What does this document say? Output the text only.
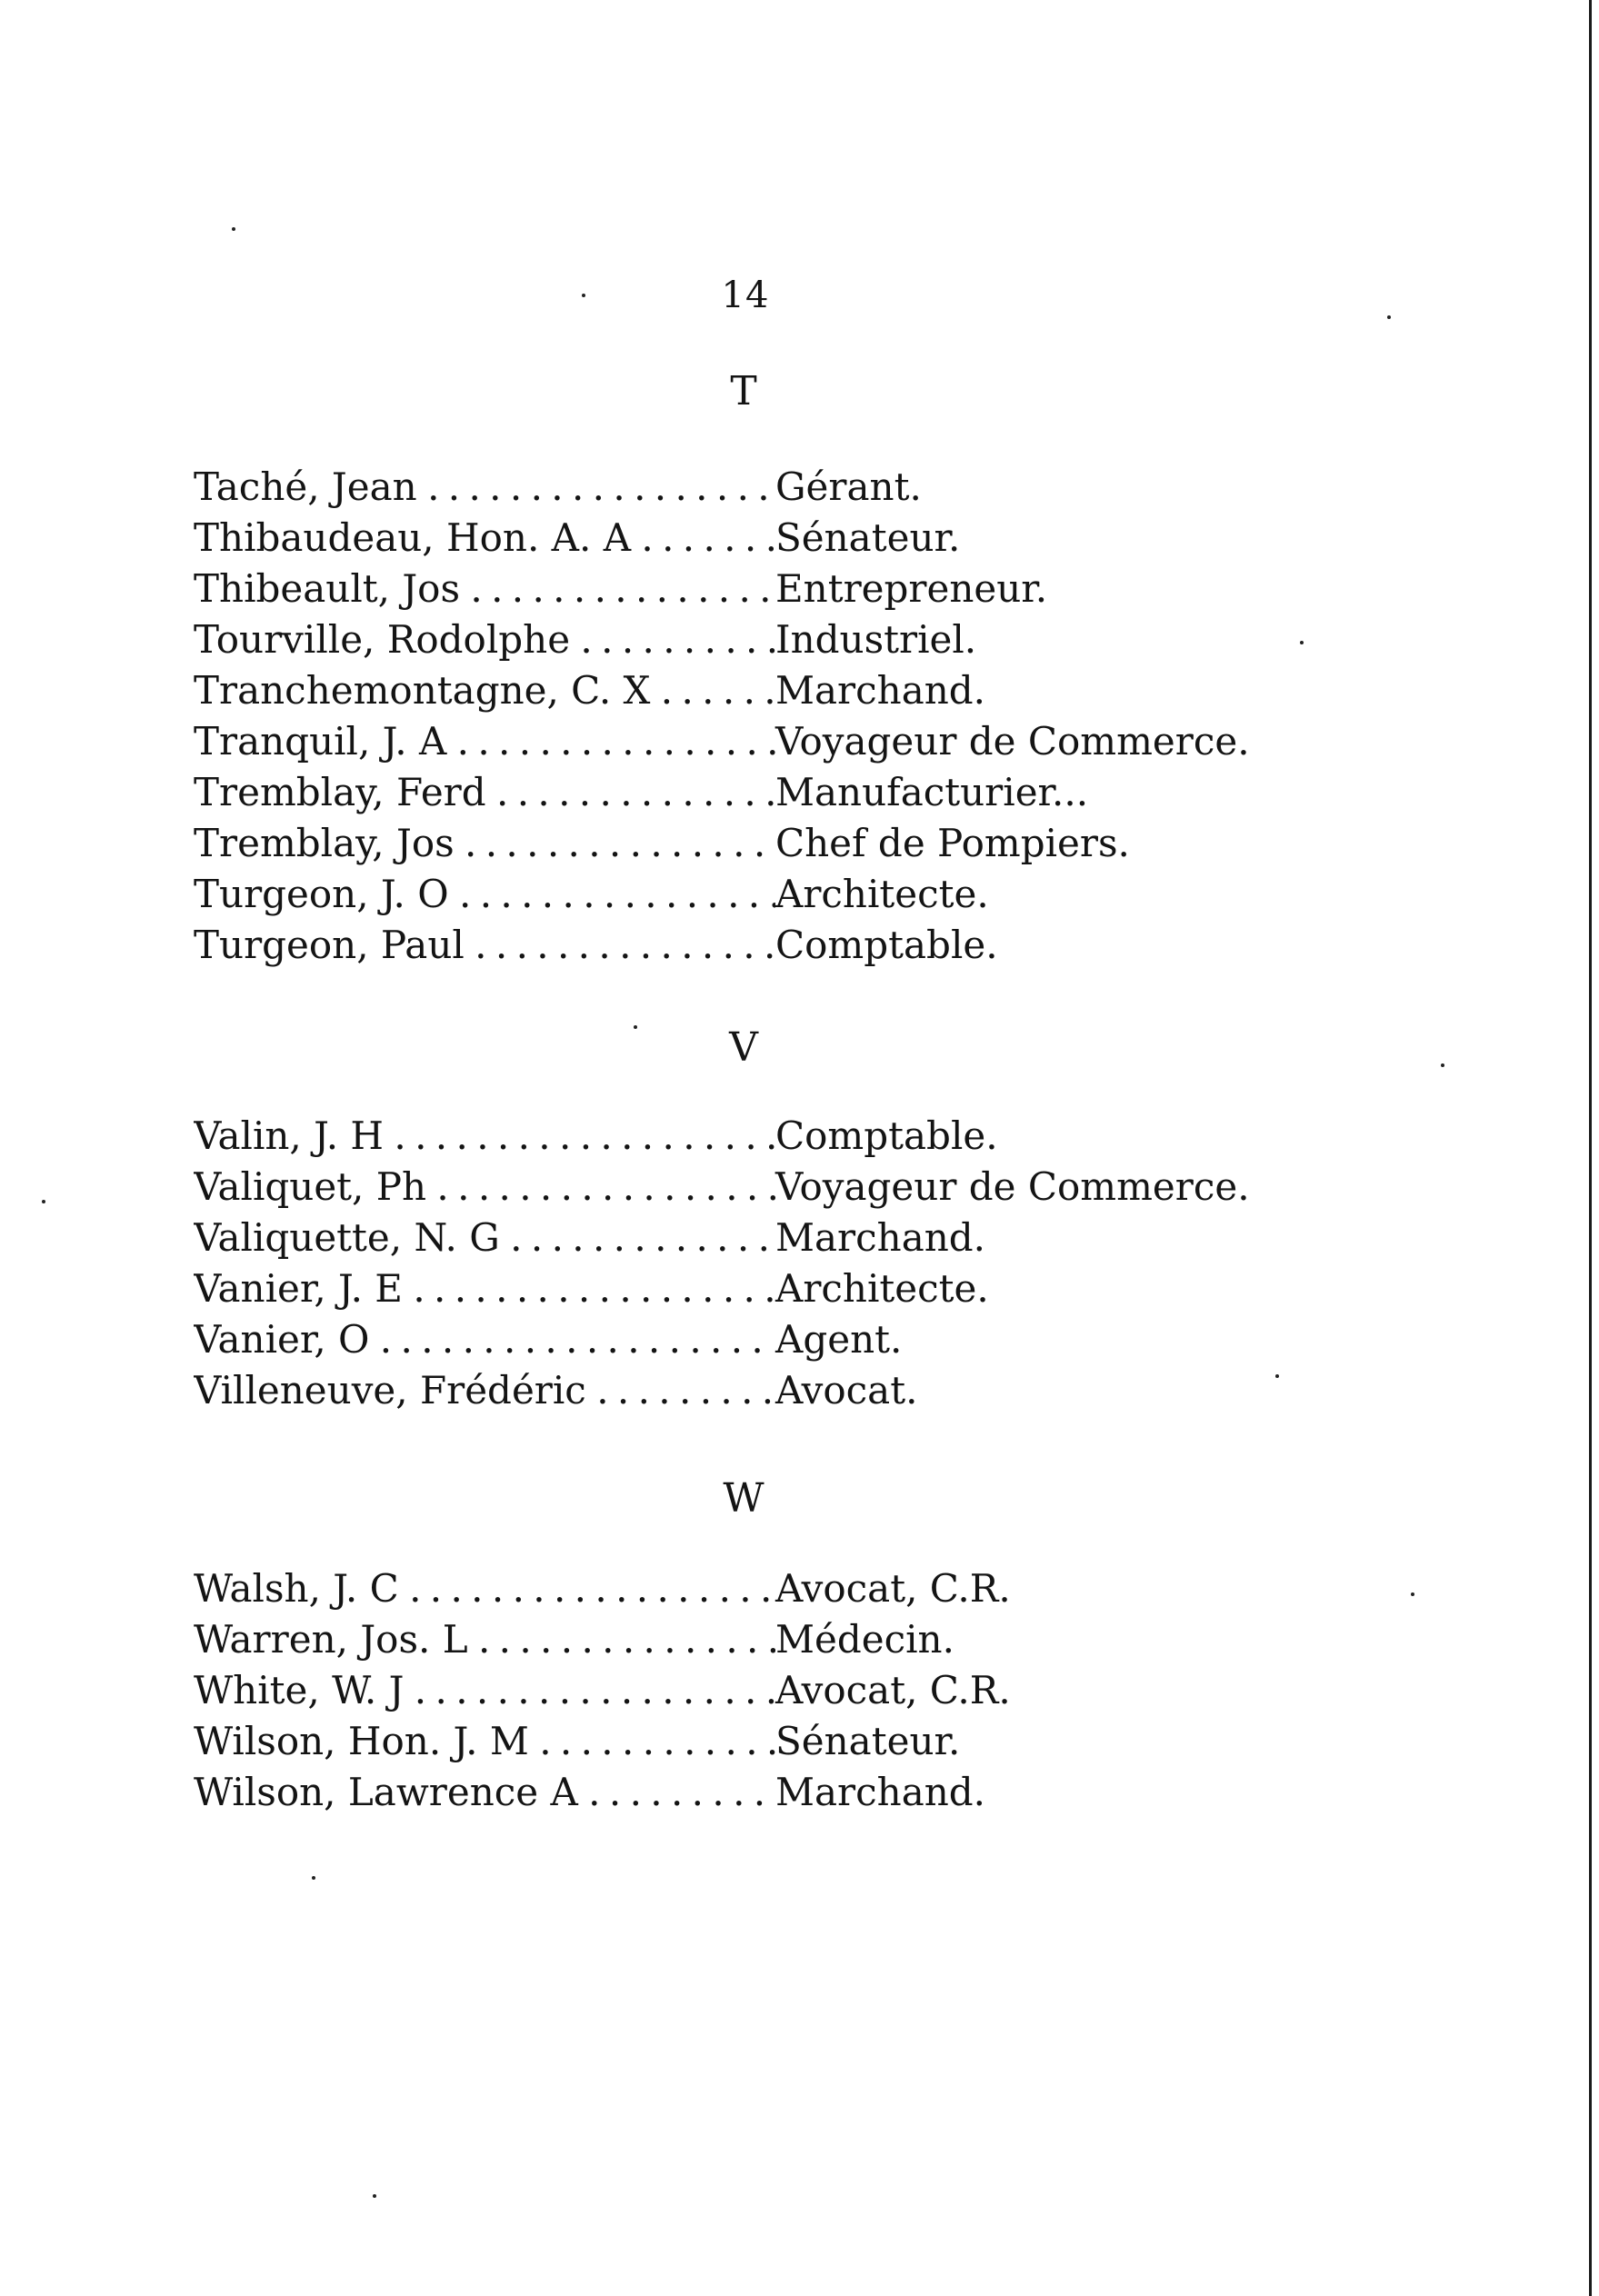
14
T
Taché, Jean . . .	Gérant.
Thibaudeau, Hon. A. A . . .	Sénateur.
Thibeault, Jos . . .	Entrepreneur.
Tourville, Rodolphe . . .	Industriel.
Tranchemontagne, C. X . . .	Marchand.
Tranquil, J. A . . .	Voyageur de Commerce.
Tremblay, Ferd . . .	Manufacturier...
Tremblay, Jos . . .	Chef de Pompiers.
Turgeon, J. O . . .	Architecte.
Turgeon, Paul . . .	Comptable.
V
Valin, J. H . . .	Comptable.
Valiquet, Ph . . .	Voyageur de Commerce.
Valiquette, N. G . . .	Marchand.
Vanier, J. E . . .	Architecte.
Vanier, O . . .	Agent.
Villeneuve, Frédéric . . .	Avocat.
W
Walsh, J. C . . .	Avocat, C.R.
Warren, Jos. L . . .	Médecin.
White, W. J . . .	Avocat, C.R.
Wilson, Hon. J. M . . .	Sénateur.
Wilson, Lawrence A . . .	Marchand.
